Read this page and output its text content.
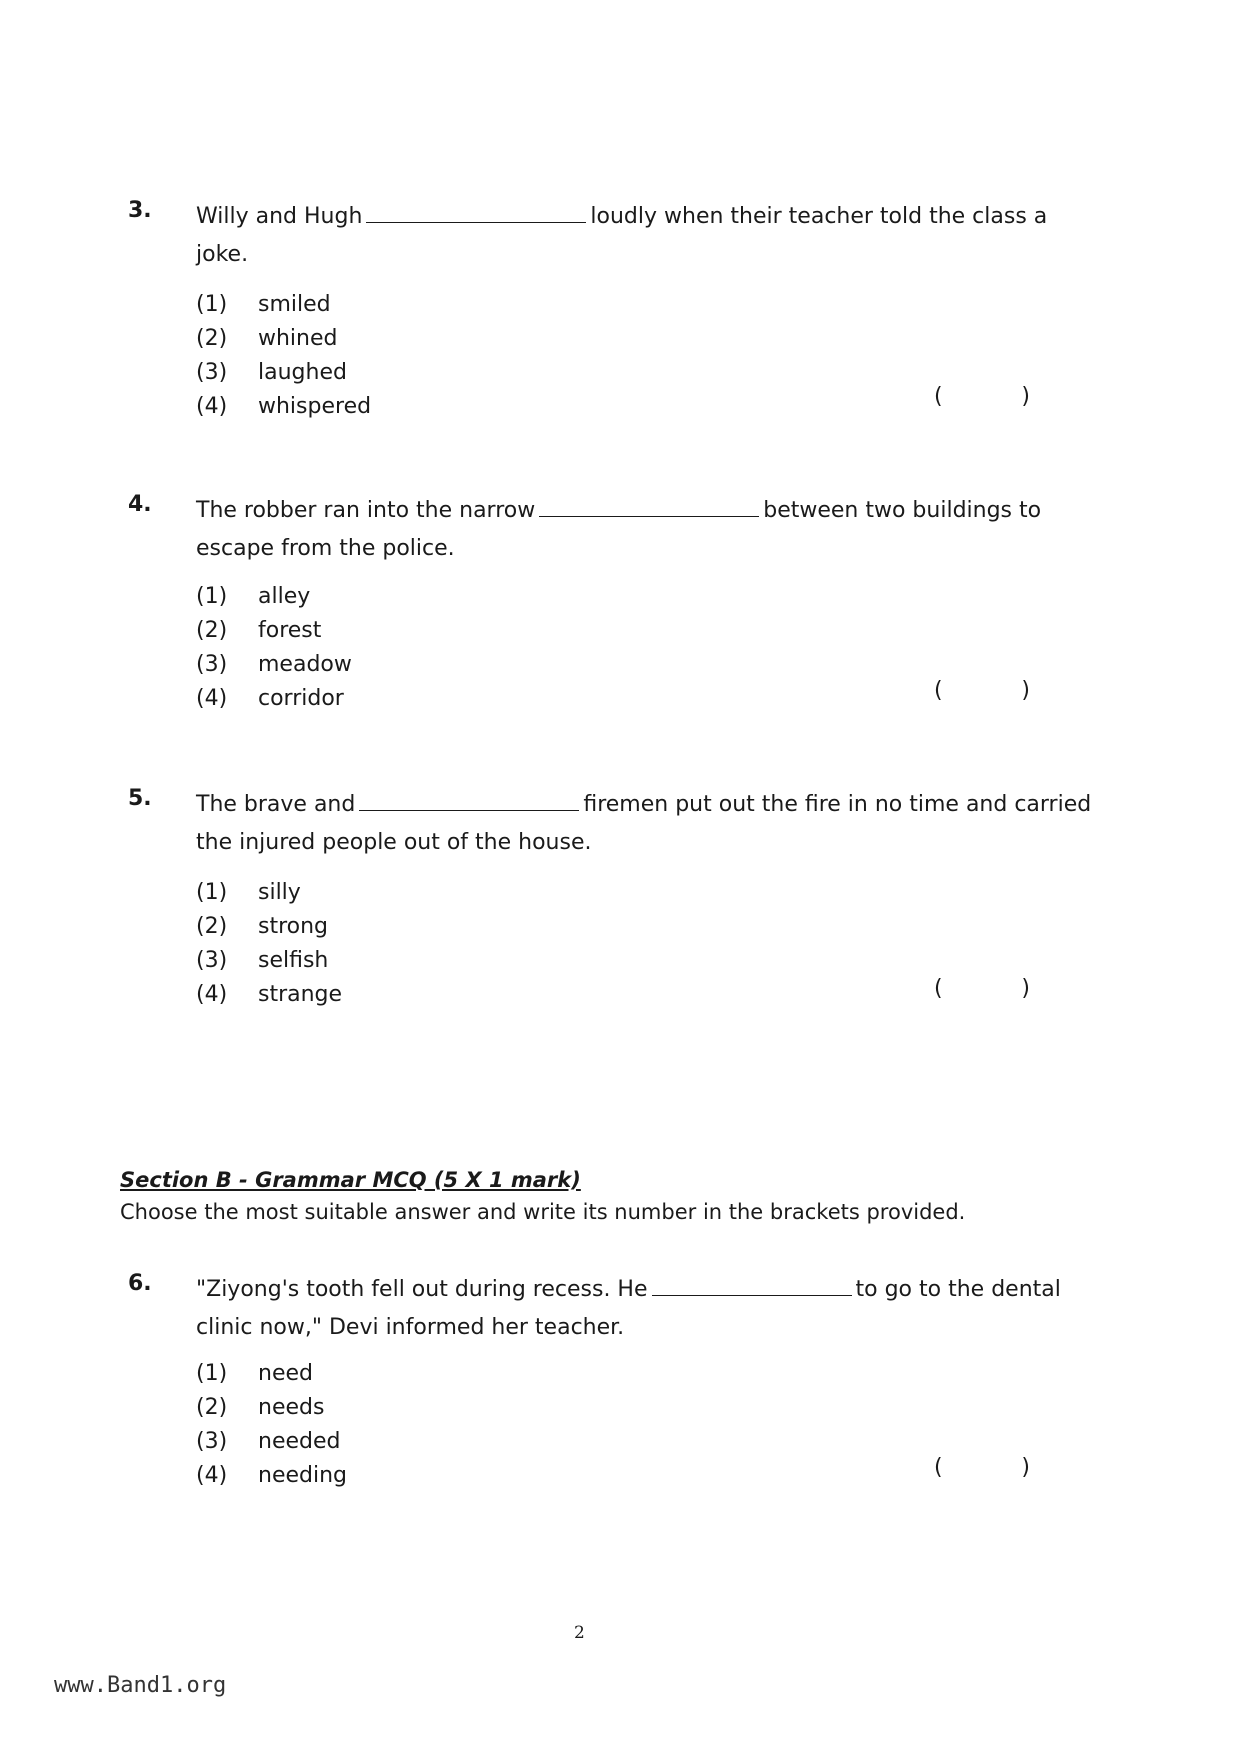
3. Willy and Hugh	loudly when their teacher told the class a joke.
(1)	smiled
(2)	whined
(3)	laughed
(4)	whispered	(	)
4. The robber ran into the narrow	between two buildings to escape from the police.
(1)	alley
(2)	forest
(3)	meadow
(4)	corridor	(	)
5. The brave and	firemen put out the fire in no time and carried the injured people out of the house.
(1)	silly
(2)	strong
(3)	selfish
(4)	strange	(	)
Section B - Grammar MCQ (5 X 1 mark)
Choose the most suitable answer and write its number in the brackets provided.
6. "Ziyong's tooth fell out during recess. He	to go to the dental clinic now," Devi informed her teacher.
(1)	need
(2)	needs
(3)	needed
(4)	needing	(	)
2
www.Band1.org
